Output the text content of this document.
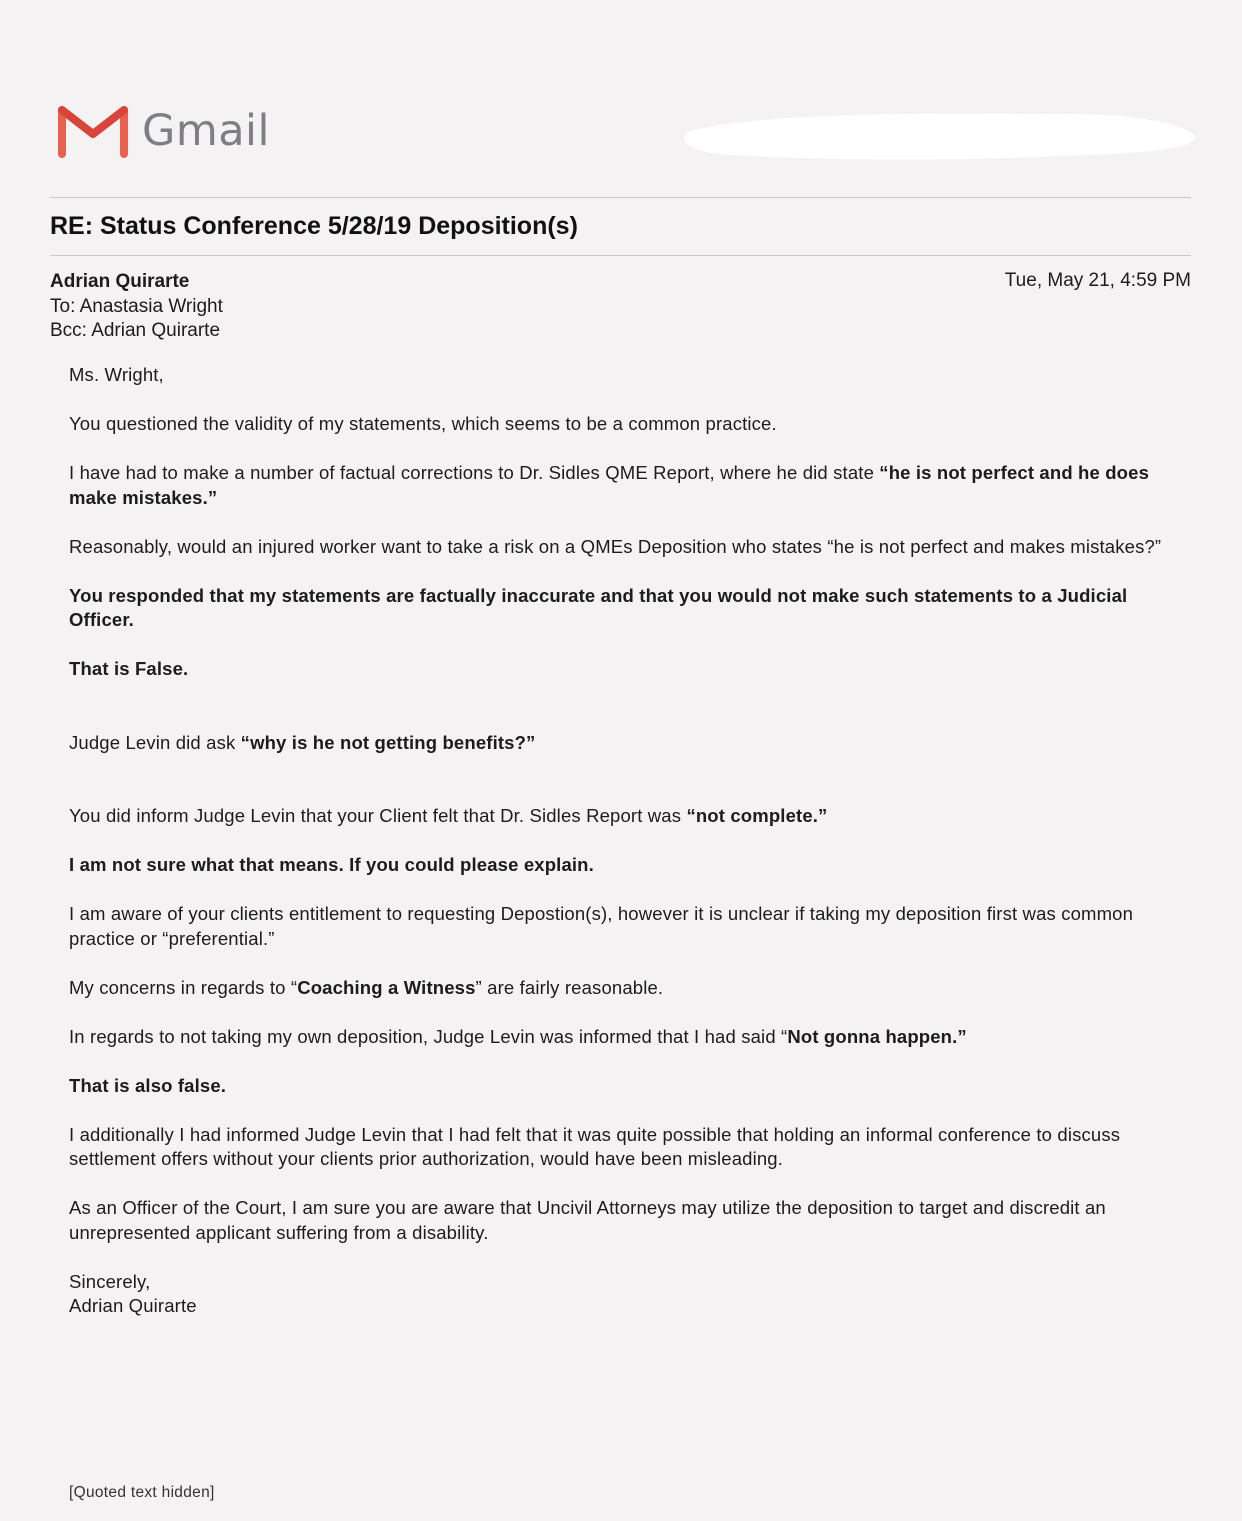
Gmail
RE: Status Conference 5/28/19 Deposition(s)
Adrian Quirarte
To: Anastasia Wright
Bcc: Adrian Quirarte
Tue, May 21, 4:59 PM

Ms. Wright,

You questioned the validity of my statements, which seems to be a common practice.

I have had to make a number of factual corrections to Dr. Sidles QME Report, where he did state “he is not perfect and he does make mistakes.”

Reasonably, would an injured worker want to take a risk on a QMEs Deposition who states “he is not perfect and makes mistakes?”

You responded that my statements are factually inaccurate and that you would not make such statements to a Judicial Officer.

That is False.

Judge Levin did ask “why is he not getting benefits?”

You did inform Judge Levin that your Client felt that Dr. Sidles Report was “not complete.”

I am not sure what that means. If you could please explain.

I am aware of your clients entitlement to requesting Depostion(s), however it is unclear if taking my deposition first was common practice or “preferential.”

My concerns in regards to “Coaching a Witness” are fairly reasonable.

In regards to not taking my own deposition, Judge Levin was informed that I had said “Not gonna happen.”

That is also false.

I additionally I had informed Judge Levin that I had felt that it was quite possible that holding an informal conference to discuss settlement offers without your clients prior authorization, would have been misleading.

As an Officer of the Court, I am sure you are aware that Uncivil Attorneys may utilize the deposition to target and discredit an unrepresented applicant suffering from a disability.

Sincerely,
Adrian Quirarte

[Quoted text hidden]
